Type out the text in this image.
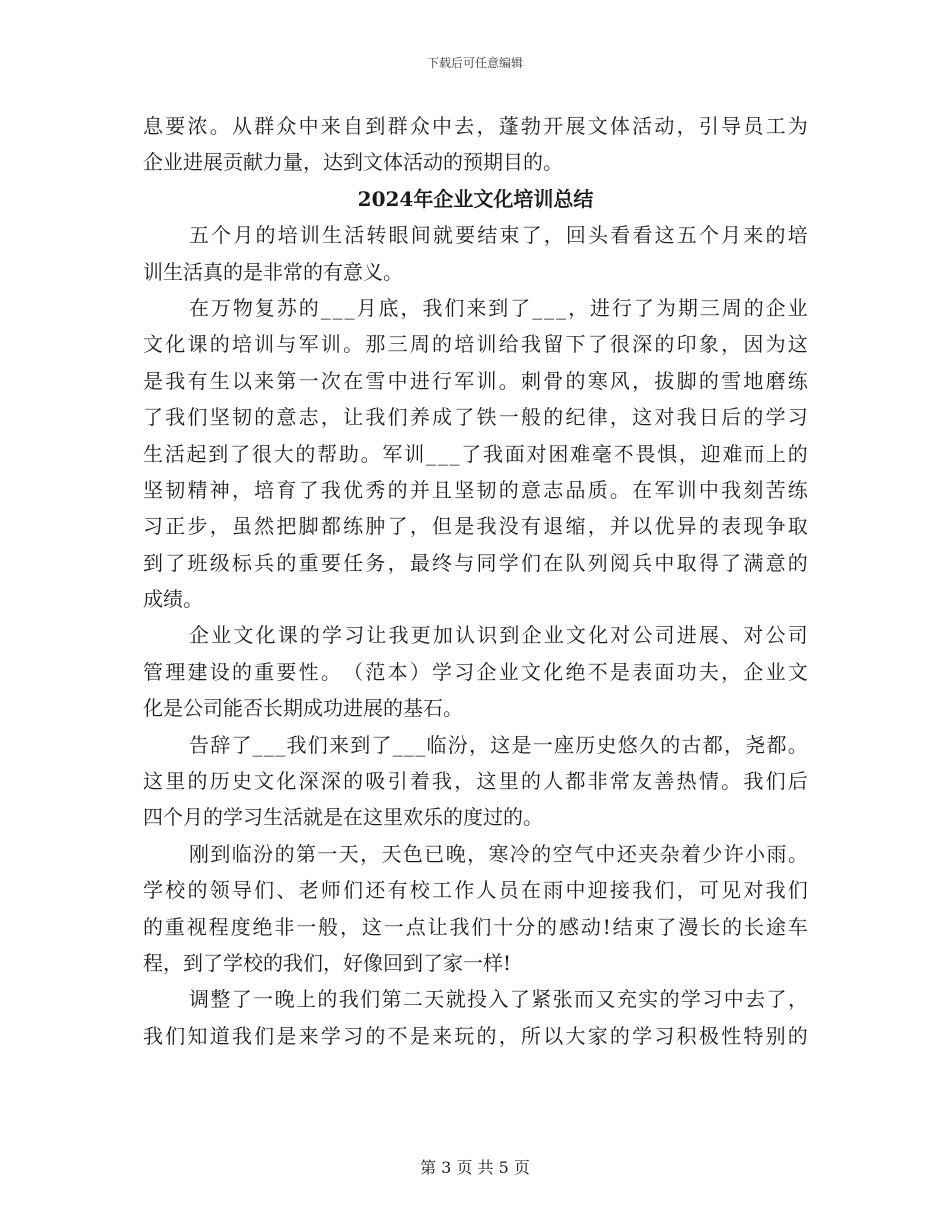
下载后可任意编辑
息 要 浓 。 从 群 众 中 来 自 到 群 众 中 去 ， 蓬 勃 开 展 文 体 活 动 ， 引 导 员 工 为
企业进展贡献力量，达到文体活动的预期目的。
2024年企业文化培训总结
五 个 月 的 培 训 生 活 转 眼 间 就 要 结 束 了 ， 回 头 看 看 这 五 个 月 来 的 培
训生活真的是非常的有意义。
在 万 物 复 苏 的 _ _ _ 月 底 ， 我 们 来 到 了 _ _ _ ， 进 行 了 为 期 三 周 的 企 业
文 化 课 的 培 训 与 军 训 。 那 三 周 的 培 训 给 我 留 下 了 很 深 的 印 象 ， 因 为 这
是 我 有 生 以 来 第 一 次 在 雪 中 进 行 军 训 。 刺 骨 的 寒 风 ， 拔 脚 的 雪 地 磨 练
了 我 们 坚 韧 的 意 志 ， 让 我 们 养 成 了 铁 一 般 的 纪 律 ， 这 对 我 日 后 的 学 习
生 活 起 到 了 很 大 的 帮 助 。 军 训 _ _ _ 了 我 面 对 困 难 毫 不 畏 惧 ， 迎 难 而 上 的
坚 韧 精 神 ， 培 育 了 我 优 秀 的 并 且 坚 韧 的 意 志 品 质 。 在 军 训 中 我 刻 苦 练
习 正 步 ， 虽 然 把 脚 都 练 肿 了 ， 但 是 我 没 有 退 缩 ， 并 以 优 异 的 表 现 争 取
到 了 班 级 标 兵 的 重 要 任 务 ， 最 终 与 同 学 们 在 队 列 阅 兵 中 取 得 了 满 意 的
成绩。
企 业 文 化 课 的 学 习 让 我 更 加 认 识 到 企 业 文 化 对 公 司 进 展 、 对 公 司
管 理 建 设 的 重 要 性 。 （ 范 本 ） 学 习 企 业 文 化 绝 不 是 表 面 功 夫 ， 企 业 文
化是公司能否长期成功进展的基石。
告 辞 了 _ _ _ 我 们 来 到 了 _ _ _ 临 汾 ， 这 是 一 座 历 史 悠 久 的 古 都 ， 尧 都 。
这 里 的 历 史 文 化 深 深 的 吸 引 着 我 ， 这 里 的 人 都 非 常 友 善 热 情 。 我 们 后
四个月的学习生活就是在这里欢乐的度过的。
刚 到 临 汾 的 第 一 天 ， 天 色 已 晚 ， 寒 冷 的 空 气 中 还 夹 杂 着 少 许 小 雨 。
学 校 的 领 导 们 、 老 师 们 还 有 校 工 作 人 员 在 雨 中 迎 接 我 们 ， 可 见 对 我 们
的 重 视 程 度 绝 非 一 般 ， 这 一 点 让 我 们 十 分 的 感 动 ! 结 束 了 漫 长 的 长 途 车
程，到了学校的我们，好像回到了家一样!
调 整 了 一 晚 上 的 我 们 第 二 天 就 投 入 了 紧 张 而 又 充 实 的 学 习 中 去 了 ，
我 们 知 道 我 们 是 来 学 习 的 不 是 来 玩 的 ， 所 以 大 家 的 学 习 积 极 性 特 别 的
第 3 页 共 5 页
